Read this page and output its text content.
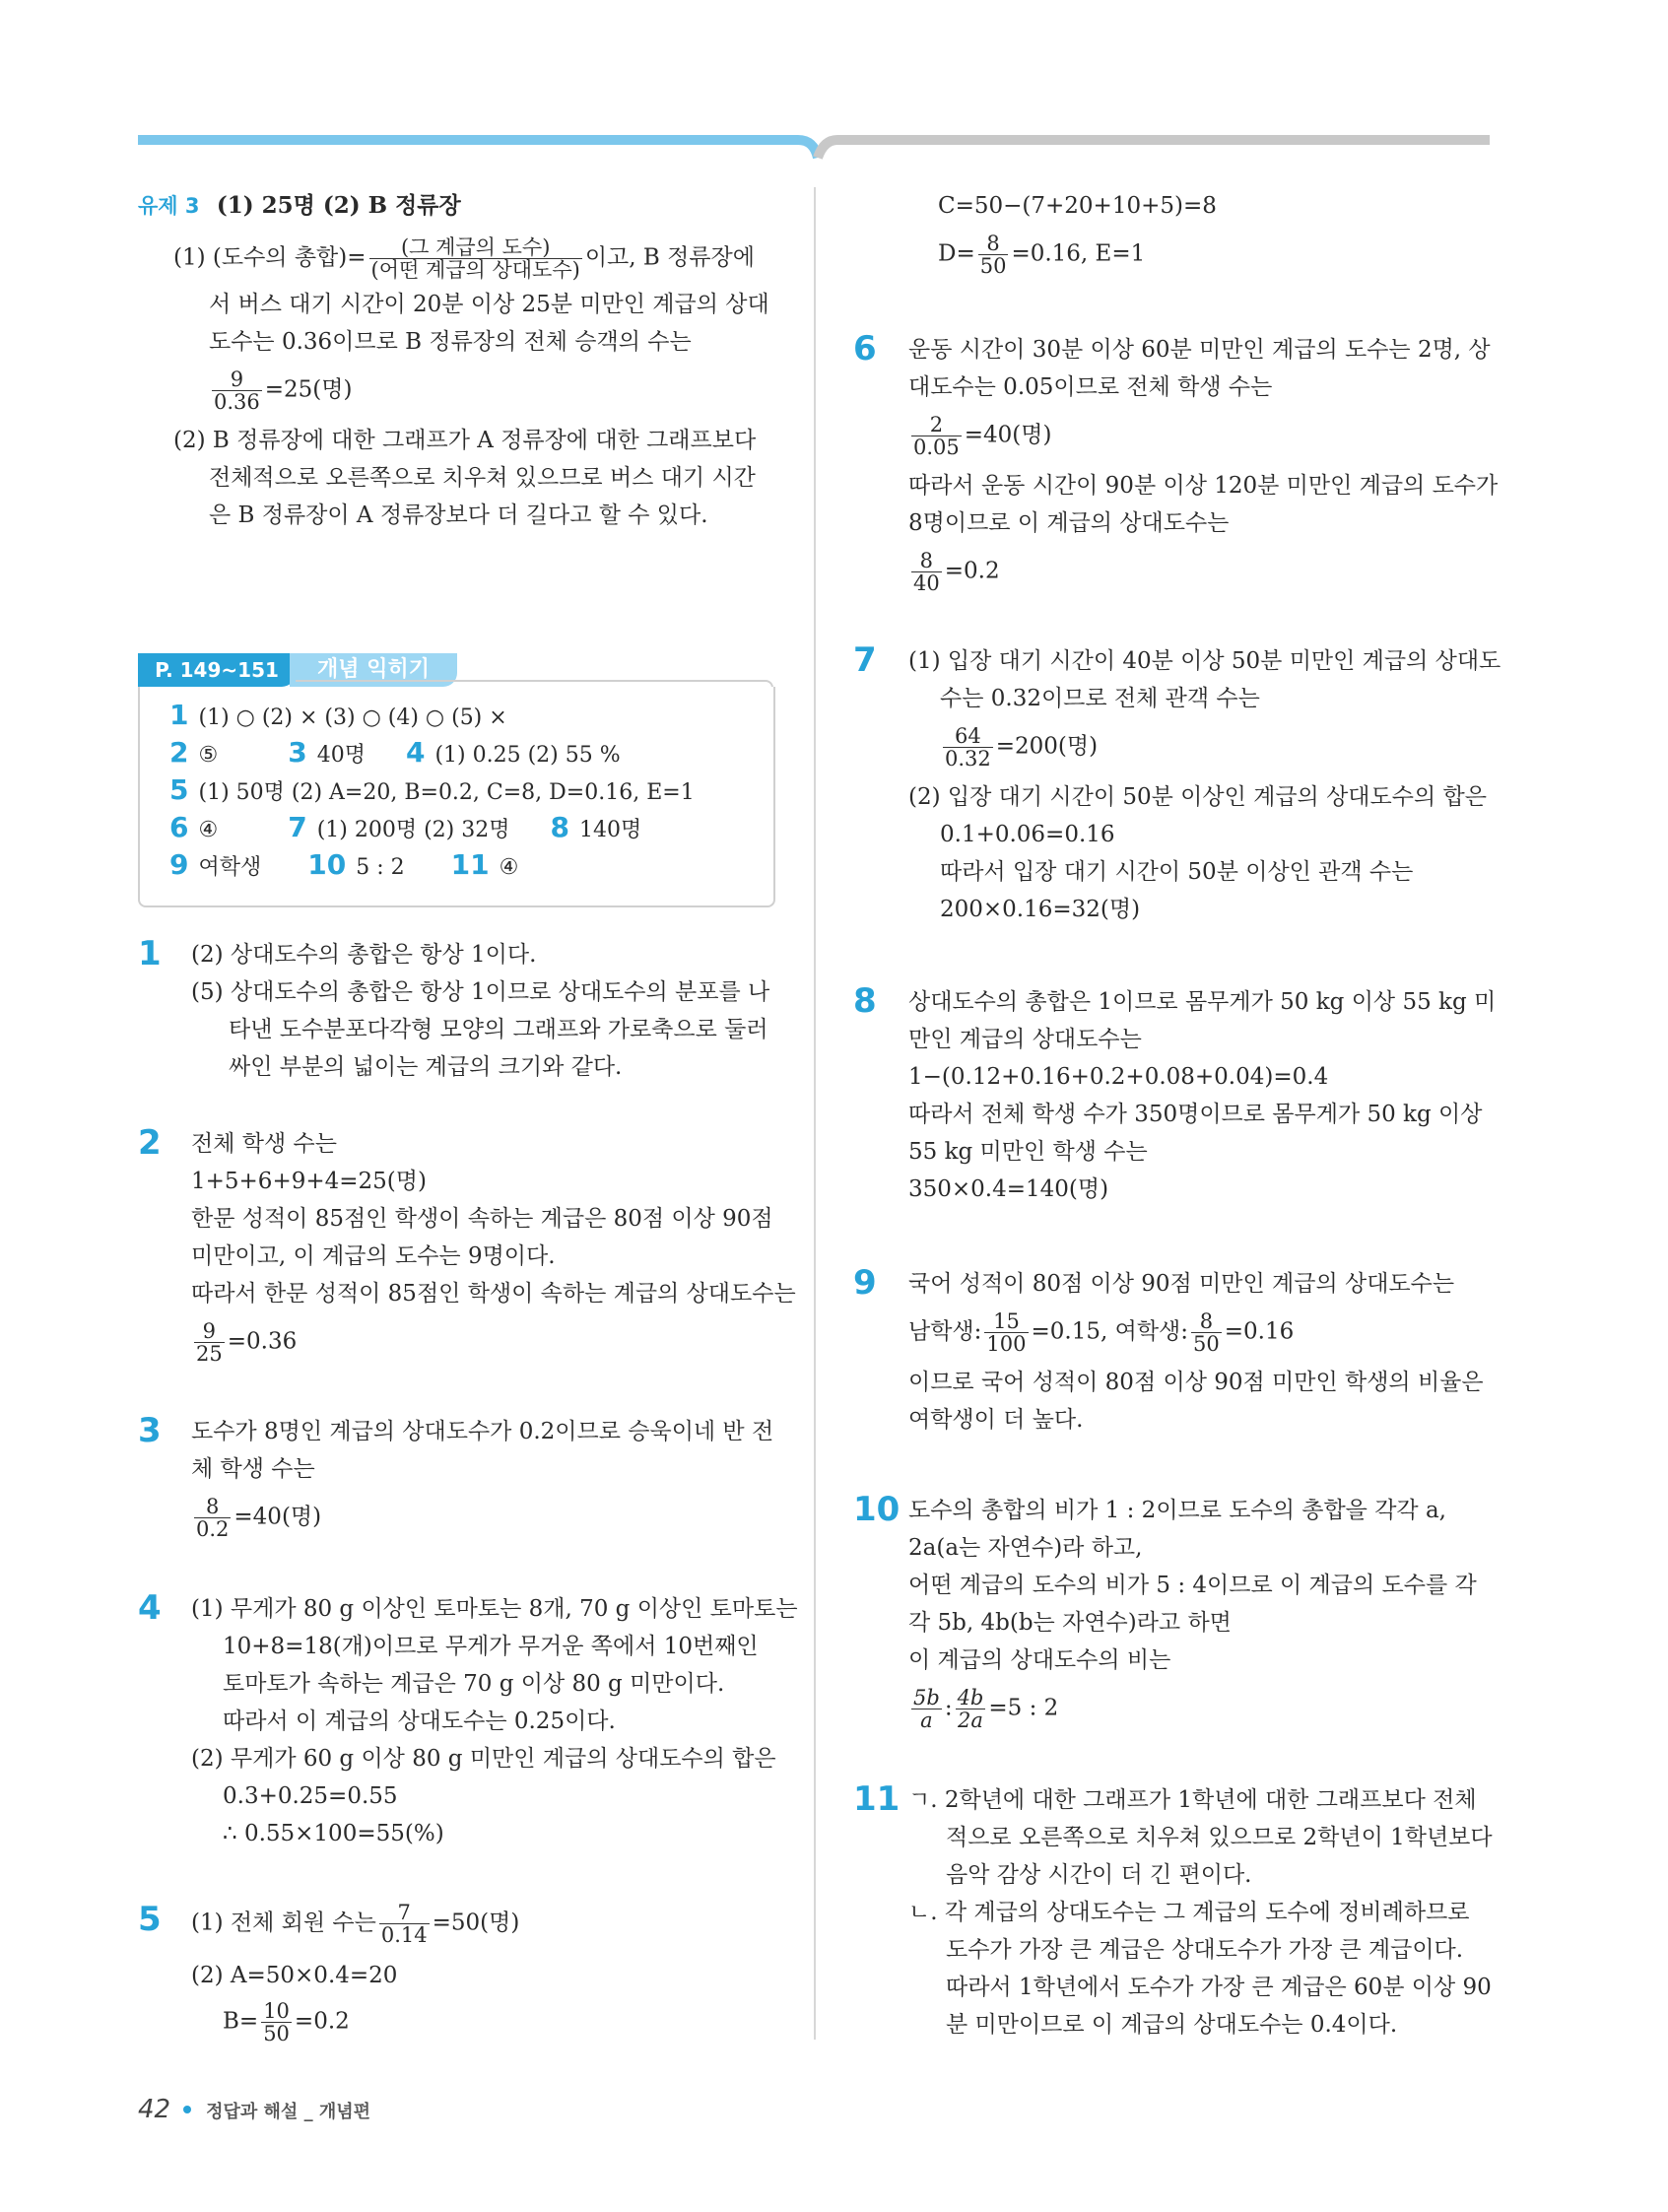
유제 3 (1) 25명 (2) B 정류장
(1) (도수의 총합)= $\frac{\text{(그 계급의 도수)}}{\text{(어떤 계급의 상대도수)}}$ 이고, B 정류장에
서 버스 대기 시간이 20분 이상 25분 미만인 계급의 상대
도수는 0.36이므로 B 정류장의 전체 승객의 수는
$\frac{9}{0.36} =25$(명)
(2) B 정류장에 대한 그래프가 A 정류장에 대한 그래프보다
전체적으로 오른쪽으로 치우쳐 있으므로 버스 대기 시간
은 B 정류장이 A 정류장보다 더 길다고 할 수 있다.
P. 149~151	개념 익히기
1 (1) ○ (2) × (3) ○ (4) ○ (5) ×
2 ⑤	3 40명 4 (1) 0.25 (2) 55 %
5 (1) 50명 (2) A=20, B=0.2, C=8, D=0.16, E=1
6 ④	7 (1) 200명 (2) 32명 8 140명
9 여학생 10 5 : 2 11 ④
1 (2) 상대도수의 총합은 항상 1이다.
(5) 상대도수의 총합은 항상 1이므로 상대도수의 분포를 나
타낸 도수분포다각형 모양의 그래프와 가로축으로 둘러
싸인 부분의 넓이는 계급의 크기와 같다.
2 전체 학생 수는
1+5+6+9+4=25(명)
한문 성적이 85점인 학생이 속하는 계급은 80점 이상 90점
미만이고, 이 계급의 도수는 9명이다.
따라서 한문 성적이 85점인 학생이 속하는 계급의 상대도수는
$\frac{9}{25} =0.36$
3 도수가 8명인 계급의 상대도수가 0.2이므로 승욱이네 반 전
체 학생 수는
$\frac{8}{0.2} =40$(명)
4 (1) 무게가 80 g 이상인 토마토는 8개, 70 g 이상인 토마토는
10+8=18(개)이므로 무게가 무거운 쪽에서 10번째인
토마토가 속하는 계급은 70 g 이상 80 g 미만이다.
따라서 이 계급의 상대도수는 0.25이다.
(2) 무게가 60 g 이상 80 g 미만인 계급의 상대도수의 합은
0.3+0.25=0.55
∴ 0.55×100=55(%)
5 (1) 전체 회원 수는 $\frac{7}{0.14} =50$(명)
(2) A=50×0.4=20
$B= \frac{10}{50} =0.2$
C=50−(7+20+10+5)=8
$D= \frac{8}{50} =0.16$, E=1
6 운동 시간이 30분 이상 60분 미만인 계급의 도수는 2명, 상
대도수는 0.05이므로 전체 학생 수는
$\frac{2}{0.05} =40$(명)
따라서 운동 시간이 90분 이상 120분 미만인 계급의 도수가
8명이므로 이 계급의 상대도수는
$\frac{8}{40} =0.2$
7 (1) 입장 대기 시간이 40분 이상 50분 미만인 계급의 상대도
수는 0.32이므로 전체 관객 수는
$\frac{64}{0.32} =200$(명)
(2) 입장 대기 시간이 50분 이상인 계급의 상대도수의 합은
0.1+0.06=0.16
따라서 입장 대기 시간이 50분 이상인 관객 수는
200×0.16=32(명)
8 상대도수의 총합은 1이므로 몸무게가 50 kg 이상 55 kg 미
만인 계급의 상대도수는
1−(0.12+0.16+0.2+0.08+0.04)=0.4
따라서 전체 학생 수가 350명이므로 몸무게가 50 kg 이상
55 kg 미만인 학생 수는
350×0.4=140(명)
9 국어 성적이 80점 이상 90점 미만인 계급의 상대도수는
남학생: $\frac{15}{100} =0.15$, 여학생: $\frac{8}{50} =0.16$
이므로 국어 성적이 80점 이상 90점 미만인 학생의 비율은
여학생이 더 높다.
10 도수의 총합의 비가 1 : 2이므로 도수의 총합을 각각 a,
2a(a는 자연수)라 하고,
어떤 계급의 도수의 비가 5 : 4이므로 이 계급의 도수를 각
각 5b, 4b(b는 자연수)라고 하면
이 계급의 상대도수의 비는
$\frac{5b}{a}$ : $\frac{4b}{2a} =5$ : 2
11 ㄱ. 2학년에 대한 그래프가 1학년에 대한 그래프보다 전체
적으로 오른쪽으로 치우쳐 있으므로 2학년이 1학년보다
음악 감상 시간이 더 긴 편이다.
ㄴ. 각 계급의 상대도수는 그 계급의 도수에 정비례하므로
도수가 가장 큰 계급은 상대도수가 가장 큰 계급이다.
따라서 1학년에서 도수가 가장 큰 계급은 60분 이상 90
분 미만이므로 이 계급의 상대도수는 0.4이다.
42 정답과 해설 _ 개념편
